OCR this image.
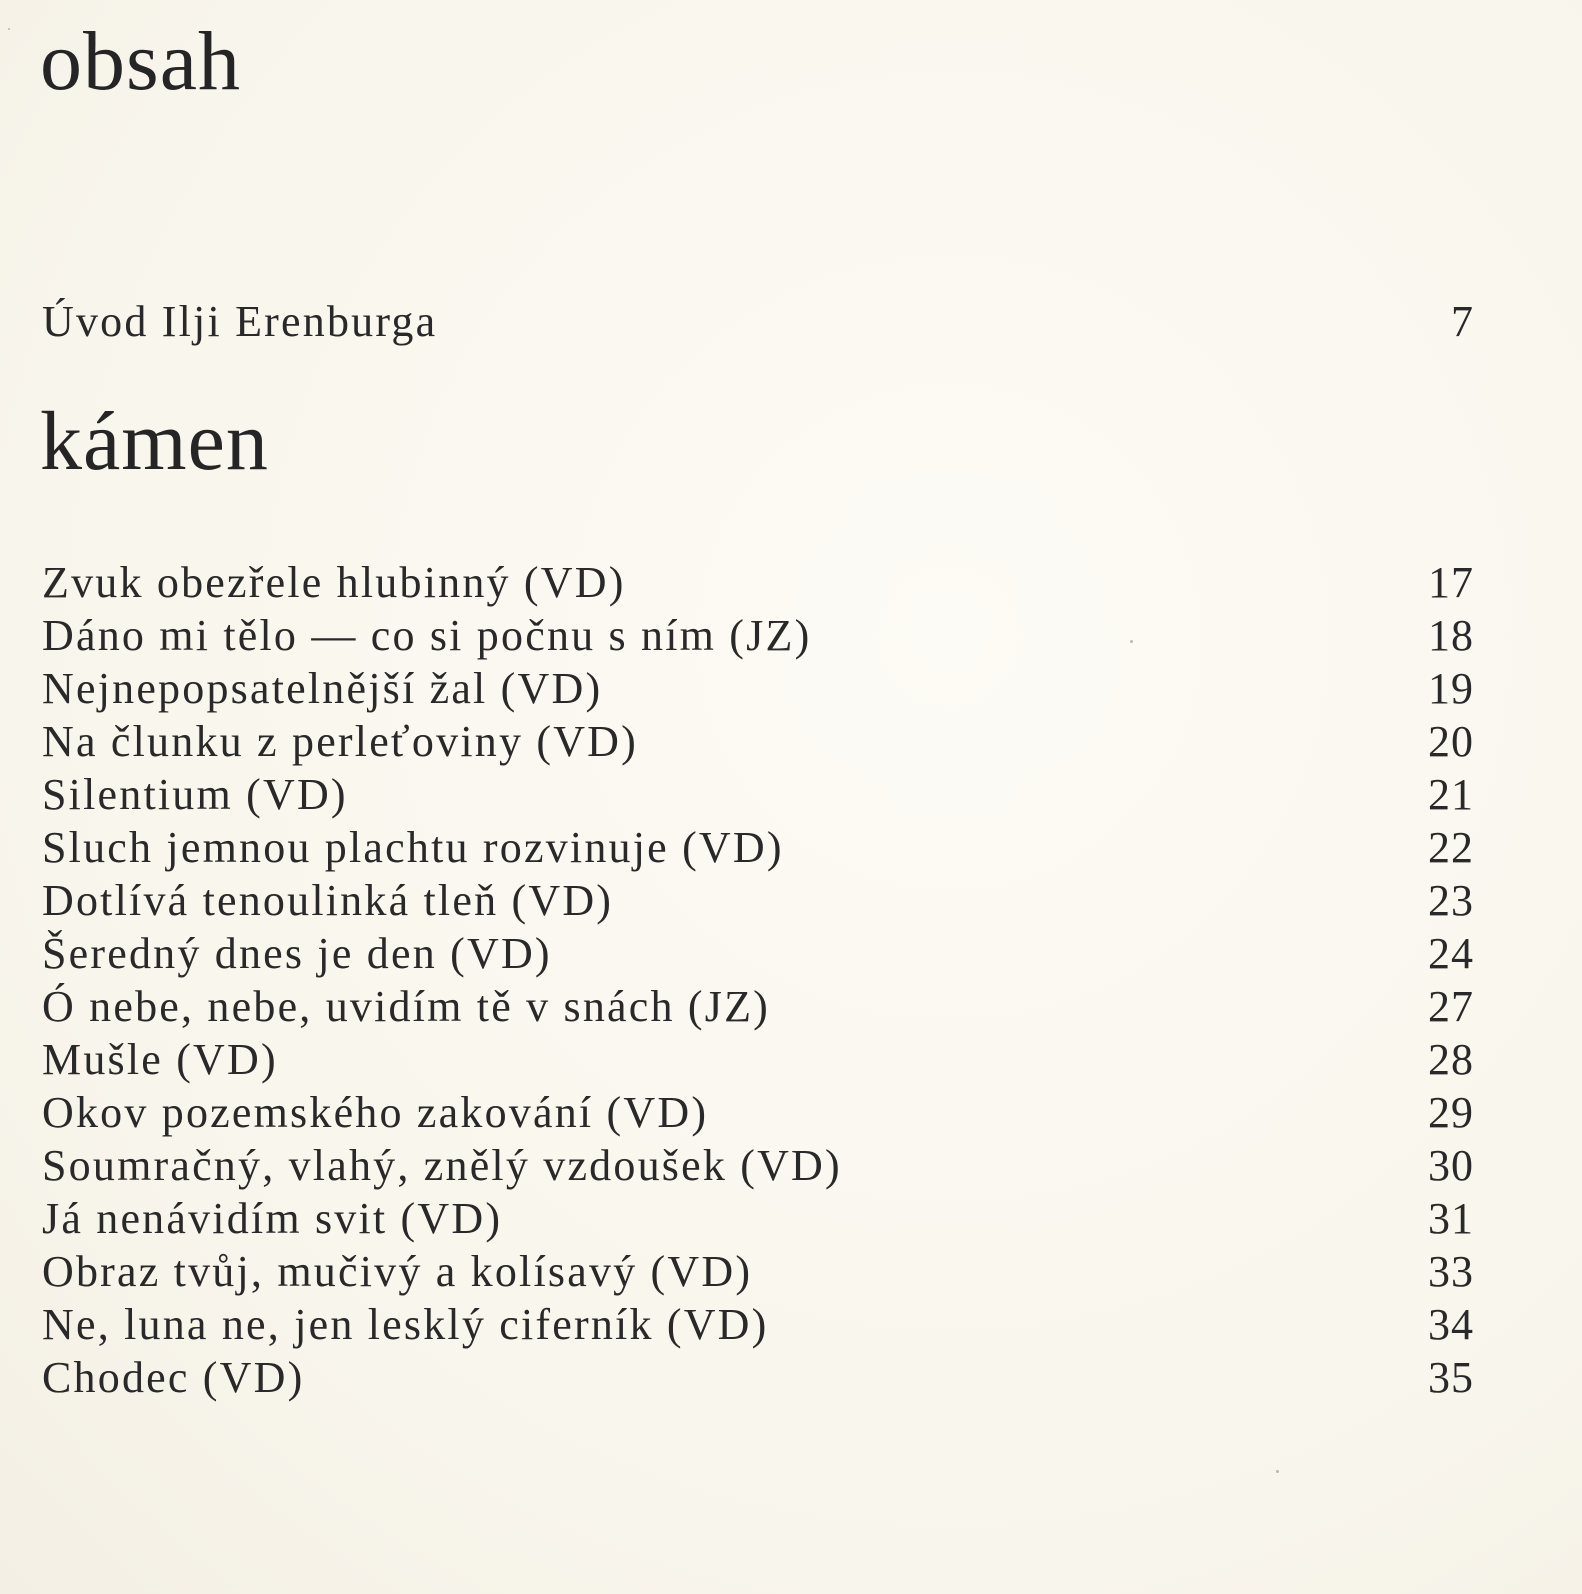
obsah
Úvod Ilji Erenburga	7
kámen
Zvuk obezřele hlubinný (VD)	17
Dáno mi tělo — co si počnu s ním (JZ)	18
Nejnepopsatelnější žal (VD)	19
Na člunku z perleťoviny (VD)	20
Silentium (VD)	21
Sluch jemnou plachtu rozvinuje (VD)	22
Dotlívá tenoulinká tleň (VD)	23
Šeredný dnes je den (VD)	24
Ó nebe, nebe, uvidím tě v snách (JZ)	27
Mušle (VD)	28
Okov pozemského zakování (VD)	29
Soumračný, vlahý, znělý vzdoušek (VD)	30
Já nenávidím svit (VD)	31
Obraz tvůj, mučivý a kolísavý (VD)	33
Ne, luna ne, jen lesklý ciferník (VD)	34
Chodec (VD)	35
